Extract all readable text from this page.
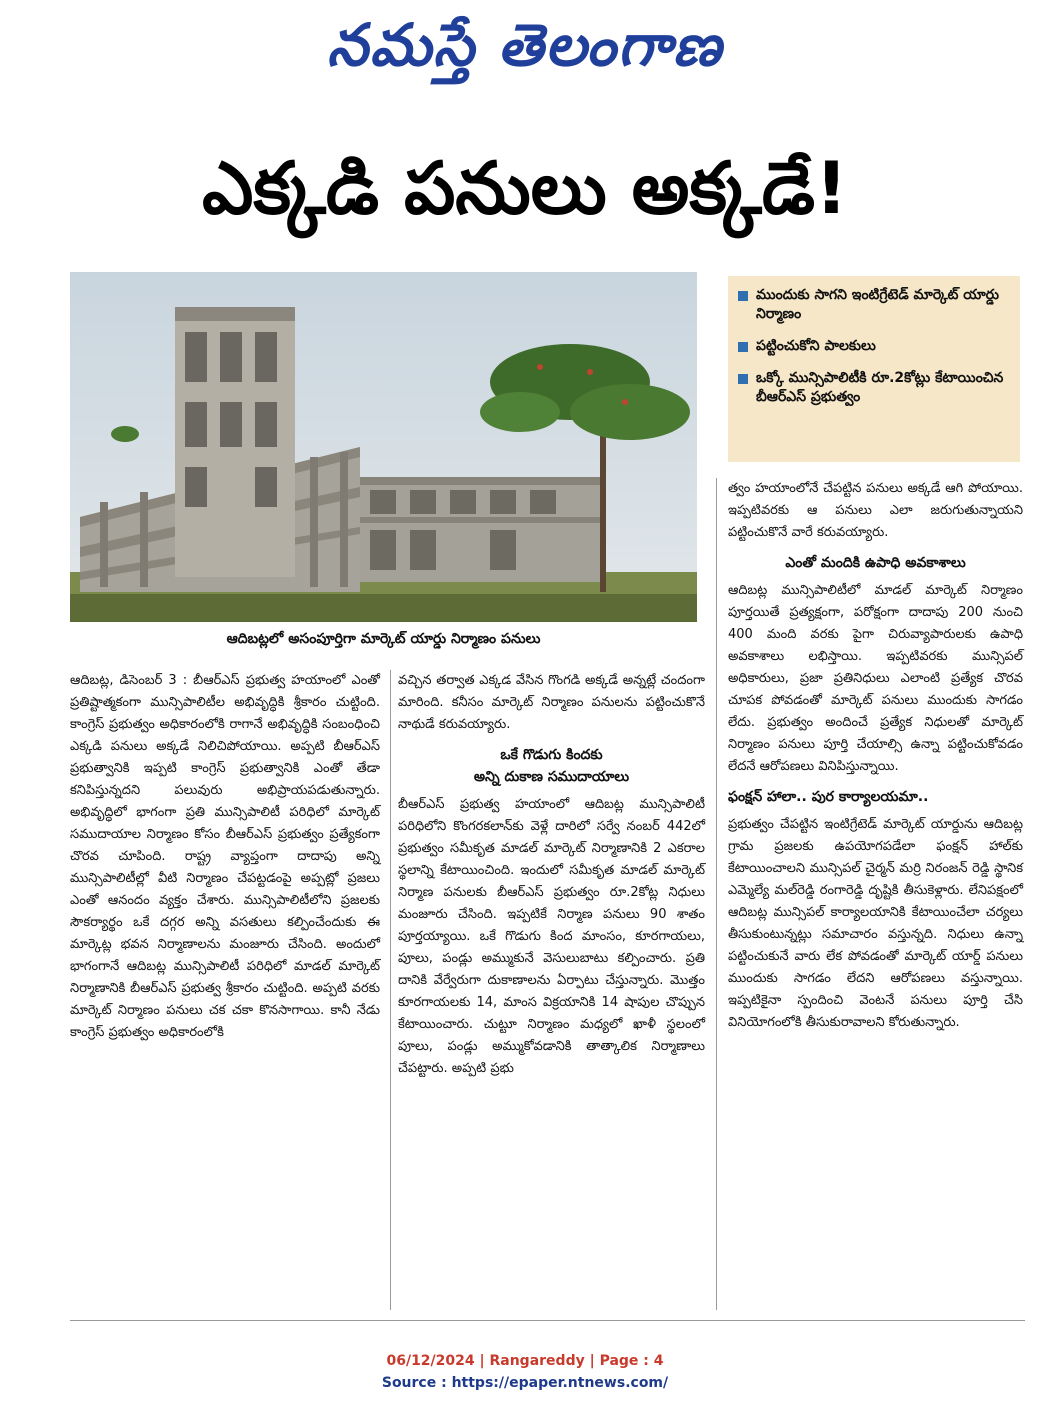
నమస్తే తెలంగాణ
ఎక్కడి పనులు అక్కడే!
ఆదిబట్లలో అసంపూర్తిగా మార్కెట్‌ యార్డు నిర్మాణం పనులు
ముందుకు సాగని ఇంటిగ్రేటెడ్‌ మార్కెట్‌ యార్డు నిర్మాణం
పట్టించుకోని పాలకులు
ఒక్కో మున్సిపాలిటీకి రూ.2కోట్లు కేటాయించిన బీఆర్‌ఎస్‌ ప్రభుత్వం

ఆదిబట్ల, డిసెంబర్‌ 3 : బీఆర్‌ఎస్‌ ప్రభుత్వ హయాంలో ఎంతో ప్రతిష్టాత్మకంగా మున్సిపాలిటీల అభివృద్ధికి శ్రీకారం చుట్టింది. కాంగ్రెస్‌ ప్రభుత్వం అధికారంలోకి రాగానే అభివృద్ధికి సంబంధించి ఎక్కడి పనులు అక్కడే నిలిచిపోయాయి. అప్పటి బీఆర్‌ఎస్‌ ప్రభుత్వానికి ఇప్పటి కాంగ్రెస్‌ ప్రభుత్వానికి ఎంతో తేడా కనిపిస్తున్నదని పలువురు అభిప్రాయపడుతున్నారు. అభివృద్ధిలో భాగంగా ప్రతి మున్సిపాలిటీ పరిధిలో మార్కెట్‌ సముదాయాల నిర్మాణం కోసం బీఆర్‌ఎస్‌ ప్రభుత్వం ప్రత్యేకంగా చొరవ చూపింది. రాష్ట్ర వ్యాప్తంగా దాదాపు అన్ని మున్సిపాలిటీల్లో వీటి నిర్మాణం చేపట్టడంపై అప్పట్లో ప్రజలు ఎంతో ఆనందం వ్యక్తం చేశారు. మున్సిపాలిటీలోని ప్రజలకు సౌకర్యార్థం ఒకే దగ్గర అన్ని వసతులు కల్పించేందుకు ఈ మార్కెట్ల భవన నిర్మాణాలను మంజూరు చేసింది. అందులో భాగంగానే ఆదిబట్ల మున్సిపాలిటీ పరిధిలో మాడల్‌ మార్కెట్‌ నిర్మాణానికి బీఆర్‌ఎస్‌ ప్రభుత్వ శ్రీకారం చుట్టింది. అప్పటి వరకు మార్కెట్‌ నిర్మాణం పనులు చక చకా కొనసాగాయి. కానీ నేడు కాంగ్రెస్‌ ప్రభుత్వం అధికారంలోకి

వచ్చిన తర్వాత ఎక్కడ వేసిన గొంగడి అక్కడే అన్నట్లే చందంగా మారింది. కనీసం మార్కెట్‌ నిర్మాణం పనులను పట్టించుకొనే నాథుడే కరువయ్యారు.

ఒకే గొడుగు కిందకు
అన్ని దుకాణ సముదాయాలు

బీఆర్‌ఎస్‌ ప్రభుత్వ హయాంలో ఆదిబట్ల మున్సిపాలిటీ పరిధిలోని కొంగరకలాన్‌కు వెళ్లే దారిలో సర్వే నంబర్‌ 442లో ప్రభుత్వం సమీకృత మాడల్‌ మార్కెట్‌ నిర్మాణానికి 2 ఎకరాల స్థలాన్ని కేటాయించింది. ఇందులో సమీకృత మాడల్‌ మార్కెట్‌ నిర్మాణ పనులకు బీఆర్‌ఎస్‌ ప్రభుత్వం రూ.2కోట్ల నిధులు మంజూరు చేసింది. ఇప్పటికే నిర్మాణ పనులు 90 శాతం పూర్తయ్యాయి. ఒకే గొడుగు కింద మాంసం, కూరగాయలు, పూలు, పండ్లు అమ్ముకునే వెసులుబాటు కల్పించారు. ప్రతి దానికి వేర్వేరుగా దుకాణాలను ఏర్పాటు చేస్తున్నారు. మొత్తం కూరగాయలకు 14, మాంస విక్రయానికి 14 షాపుల చొప్పున కేటాయించారు. చుట్టూ నిర్మాణం మధ్యలో ఖాళీ స్థలంలో పూలు, పండ్లు అమ్ముకోవడానికి తాత్కాలిక నిర్మాణాలు చేపట్టారు. అప్పటి ప్రభు

త్వం హయాంలోనే చేపట్టిన పనులు అక్కడే ఆగి పోయాయి. ఇప్పటివరకు ఆ పనులు ఎలా జరుగుతున్నాయని పట్టించుకొనే వారే కరువయ్యారు.

ఎంతో మందికి ఉపాధి అవకాశాలు

ఆదిబట్ల మున్సిపాలిటీలో మాడల్‌ మార్కెట్‌ నిర్మాణం పూర్తయితే ప్రత్యక్షంగా, పరోక్షంగా దాదాపు 200 నుంచి 400 మంది వరకు పైగా చిరువ్యాపారులకు ఉపాధి అవకాశాలు లభిస్తాయి. ఇప్పటివరకు మున్సిపల్‌ అధికారులు, ప్రజా ప్రతినిధులు ఎలాంటి ప్రత్యేక చొరవ చూపక పోవడంతో మార్కెట్‌ పనులు ముందుకు సాగడం లేదు. ప్రభుత్వం అందించే ప్రత్యేక నిధులతో మార్కెట్‌ నిర్మాణం పనులు పూర్తి చేయాల్సి ఉన్నా పట్టించుకోవడం లేదనే ఆరోపణలు వినిపిస్తున్నాయి.

ఫంక్షన్‌ హాలా.. పుర కార్యాలయమా..

ప్రభుత్వం చేపట్టిన ఇంటిగ్రేటెడ్‌ మార్కెట్‌ యార్డును ఆదిబట్ల గ్రామ ప్రజలకు ఉపయోగపడేలా ఫంక్షన్‌ హాల్‌కు కేటాయించాలని మున్సిపల్‌ చైర్మన్‌ మర్రి నిరంజన్‌ రెడ్డి స్థానిక ఎమ్మెల్యే మల్‌రెడ్డి రంగారెడ్డి దృష్టికి తీసుకెళ్లారు. లేనిపక్షంలో ఆదిబట్ల మున్సిపల్‌ కార్యాలయానికి కేటాయించేలా చర్యలు తీసుకుంటున్నట్లు సమాచారం వస్తున్నది. నిధులు ఉన్నా పట్టించుకునే వారు లేక పోవడంతో మార్కెట్‌ యార్డ్‌ పనులు ముందుకు సాగడం లేదని ఆరోపణలు వస్తున్నాయి. ఇప్పటికైనా స్పందించి వెంటనే పనులు పూర్తి చేసి వినియోగంలోకి తీసుకురావాలని కోరుతున్నారు.

06/12/2024 | Rangareddy | Page : 4
Source : https://epaper.ntnews.com/
